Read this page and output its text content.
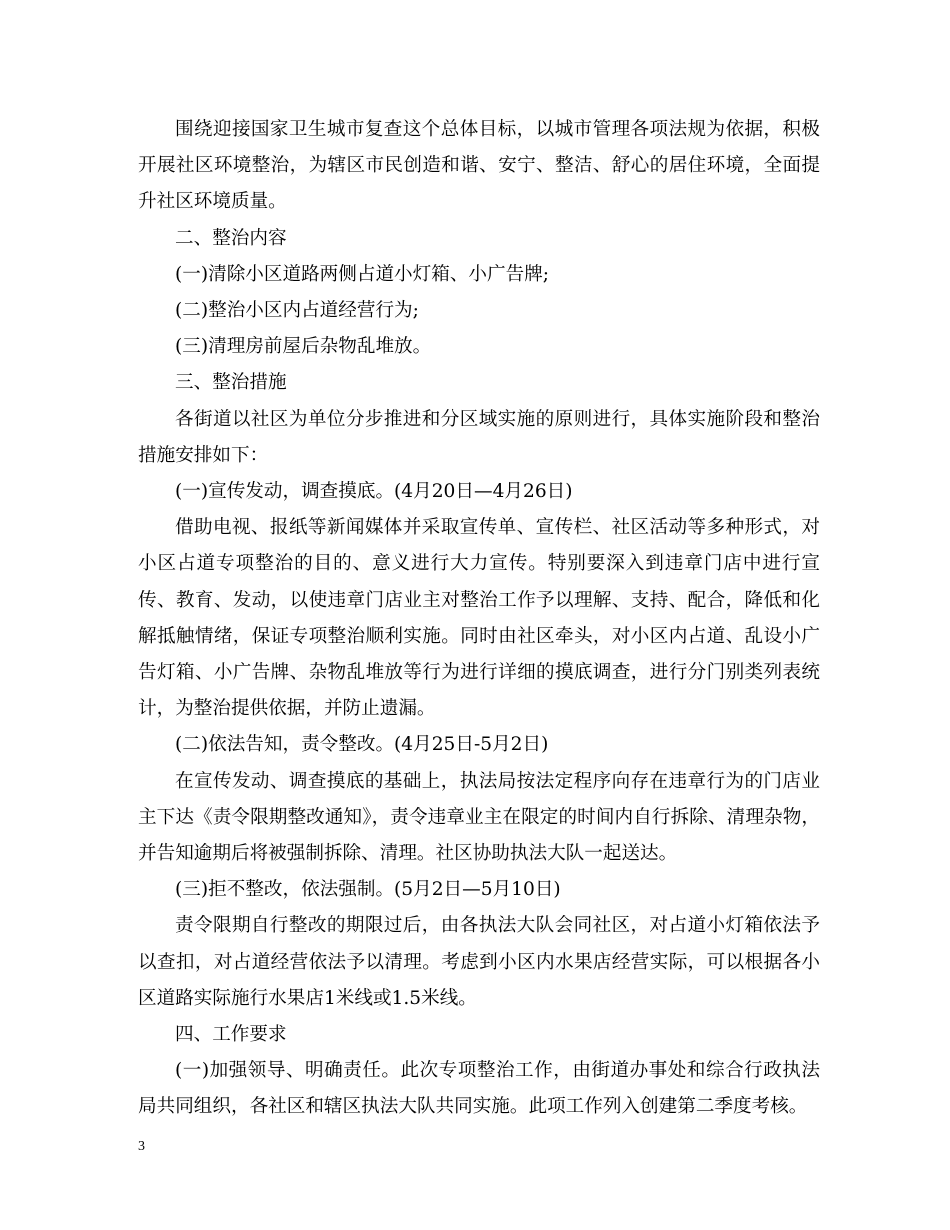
围绕迎接国家卫生城市复查这个总体目标，以城市管理各项法规为依据，积极开展社区环境整治，为辖区市民创造和谐、安宁、整洁、舒心的居住环境，全面提升社区环境质量。

二、整治内容

(一)清除小区道路两侧占道小灯箱、小广告牌;

(二)整治小区内占道经营行为;

(三)清理房前屋后杂物乱堆放。

三、整治措施

各街道以社区为单位分步推进和分区域实施的原则进行，具体实施阶段和整治措施安排如下：

(一)宣传发动，调查摸底。(4月20日—4月26日)

借助电视、报纸等新闻媒体并采取宣传单、宣传栏、社区活动等多种形式，对小区占道专项整治的目的、意义进行大力宣传。特别要深入到违章门店中进行宣传、教育、发动，以使违章门店业主对整治工作予以理解、支持、配合，降低和化解抵触情绪，保证专项整治顺利实施。同时由社区牵头，对小区内占道、乱设小广告灯箱、小广告牌、杂物乱堆放等行为进行详细的摸底调查，进行分门别类列表统计，为整治提供依据，并防止遗漏。

(二)依法告知，责令整改。(4月25日-5月2日)

在宣传发动、调查摸底的基础上，执法局按法定程序向存在违章行为的门店业主下达《责令限期整改通知》，责令违章业主在限定的时间内自行拆除、清理杂物，并告知逾期后将被强制拆除、清理。社区协助执法大队一起送达。

(三)拒不整改，依法强制。(5月2日—5月10日)

责令限期自行整改的期限过后，由各执法大队会同社区，对占道小灯箱依法予以查扣，对占道经营依法予以清理。考虑到小区内水果店经营实际，可以根据各小区道路实际施行水果店1米线或1.5米线。

四、工作要求

(一)加强领导、明确责任。此次专项整治工作，由街道办事处和综合行政执法局共同组织，各社区和辖区执法大队共同实施。此项工作列入创建第二季度考核。

3
